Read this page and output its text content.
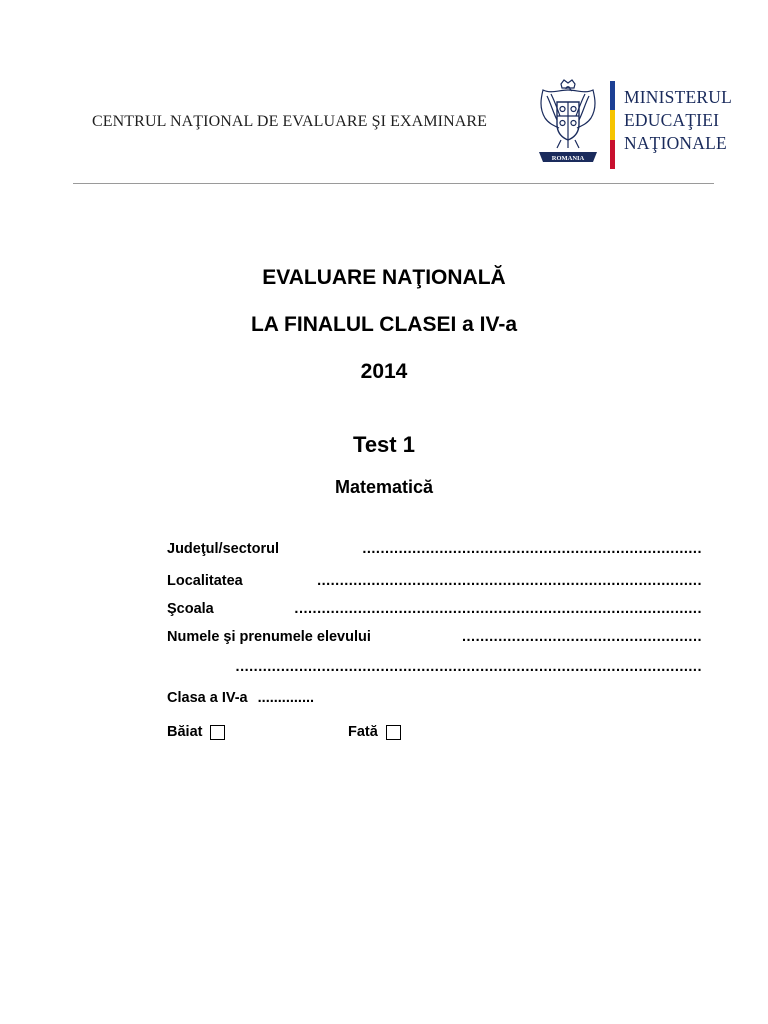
CENTRUL NAŢIONAL DE EVALUARE ŞI EXAMINARE
ROMANIA
MINISTERUL
EDUCAŢIEI
NAŢIONALE
EVALUARE NAŢIONALĂ
LA FINALUL CLASEI a IV-a
2014
Test 1
Matematică
Judeţul/sectorul	...........................................................................
Localitatea	.....................................................................................
Şcoala	..........................................................................................
Numele şi prenumele elevului	.....................................................
.......................................................................................................
Clasa a IV-a ..............
Băiat	Fată
